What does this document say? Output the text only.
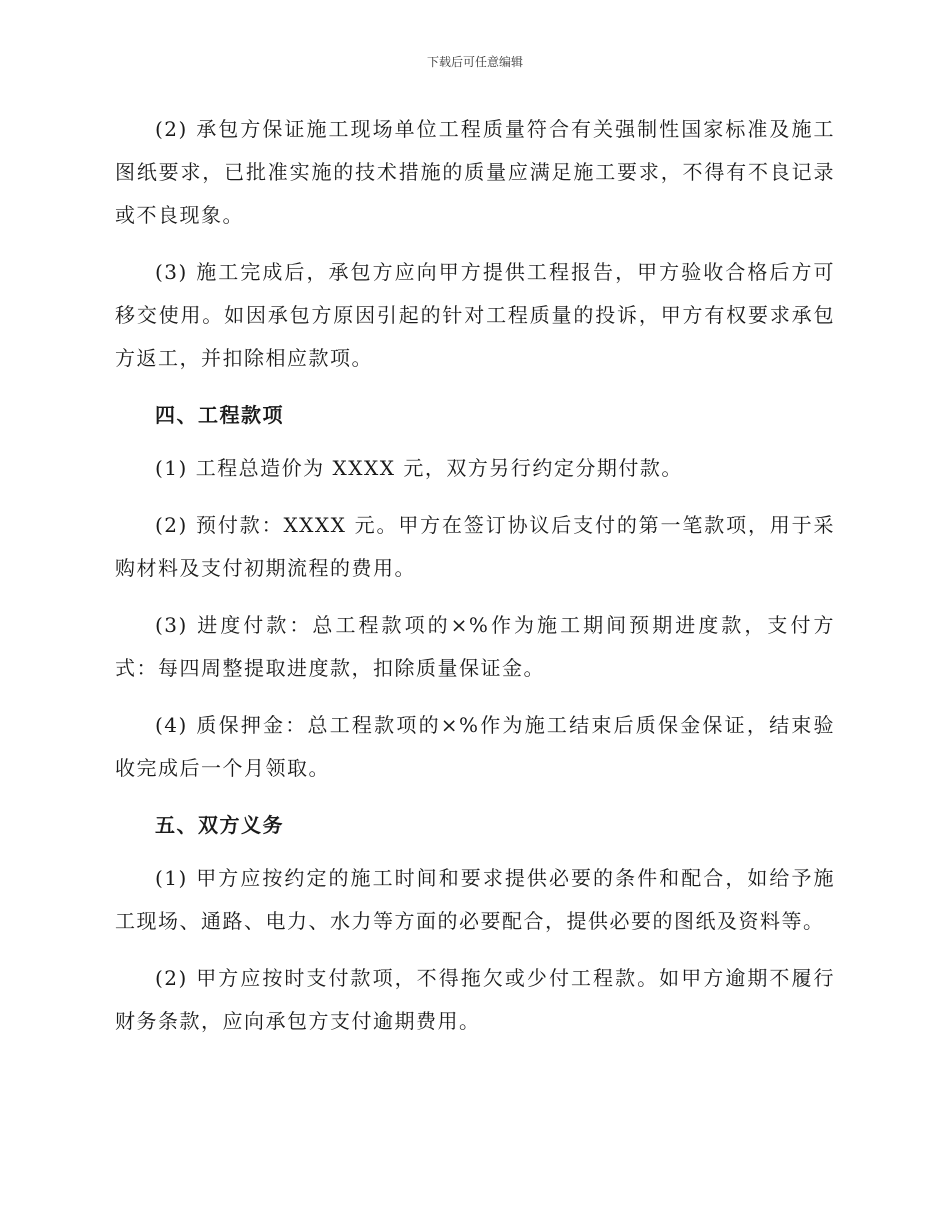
下载后可任意编辑

(2) 承包方保证施工现场单位工程质量符合有关强制性国家标准及施工图纸要求，已批准实施的技术措施的质量应满足施工要求，不得有不良记录或不良现象。

(3) 施工完成后，承包方应向甲方提供工程报告，甲方验收合格后方可移交使用。如因承包方原因引起的针对工程质量的投诉，甲方有权要求承包方返工，并扣除相应款项。

四、工程款项

(1) 工程总造价为 XXXX 元，双方另行约定分期付款。

(2) 预付款：XXXX 元。甲方在签订协议后支付的第一笔款项，用于采购材料及支付初期流程的费用。

(3) 进度付款：总工程款项的×%作为施工期间预期进度款，支付方式：每四周整提取进度款，扣除质量保证金。

(4) 质保押金：总工程款项的×%作为施工结束后质保金保证，结束验收完成后一个月领取。

五、双方义务

(1) 甲方应按约定的施工时间和要求提供必要的条件和配合，如给予施工现场、通路、电力、水力等方面的必要配合，提供必要的图纸及资料等。

(2) 甲方应按时支付款项，不得拖欠或少付工程款。如甲方逾期不履行财务条款，应向承包方支付逾期费用。
